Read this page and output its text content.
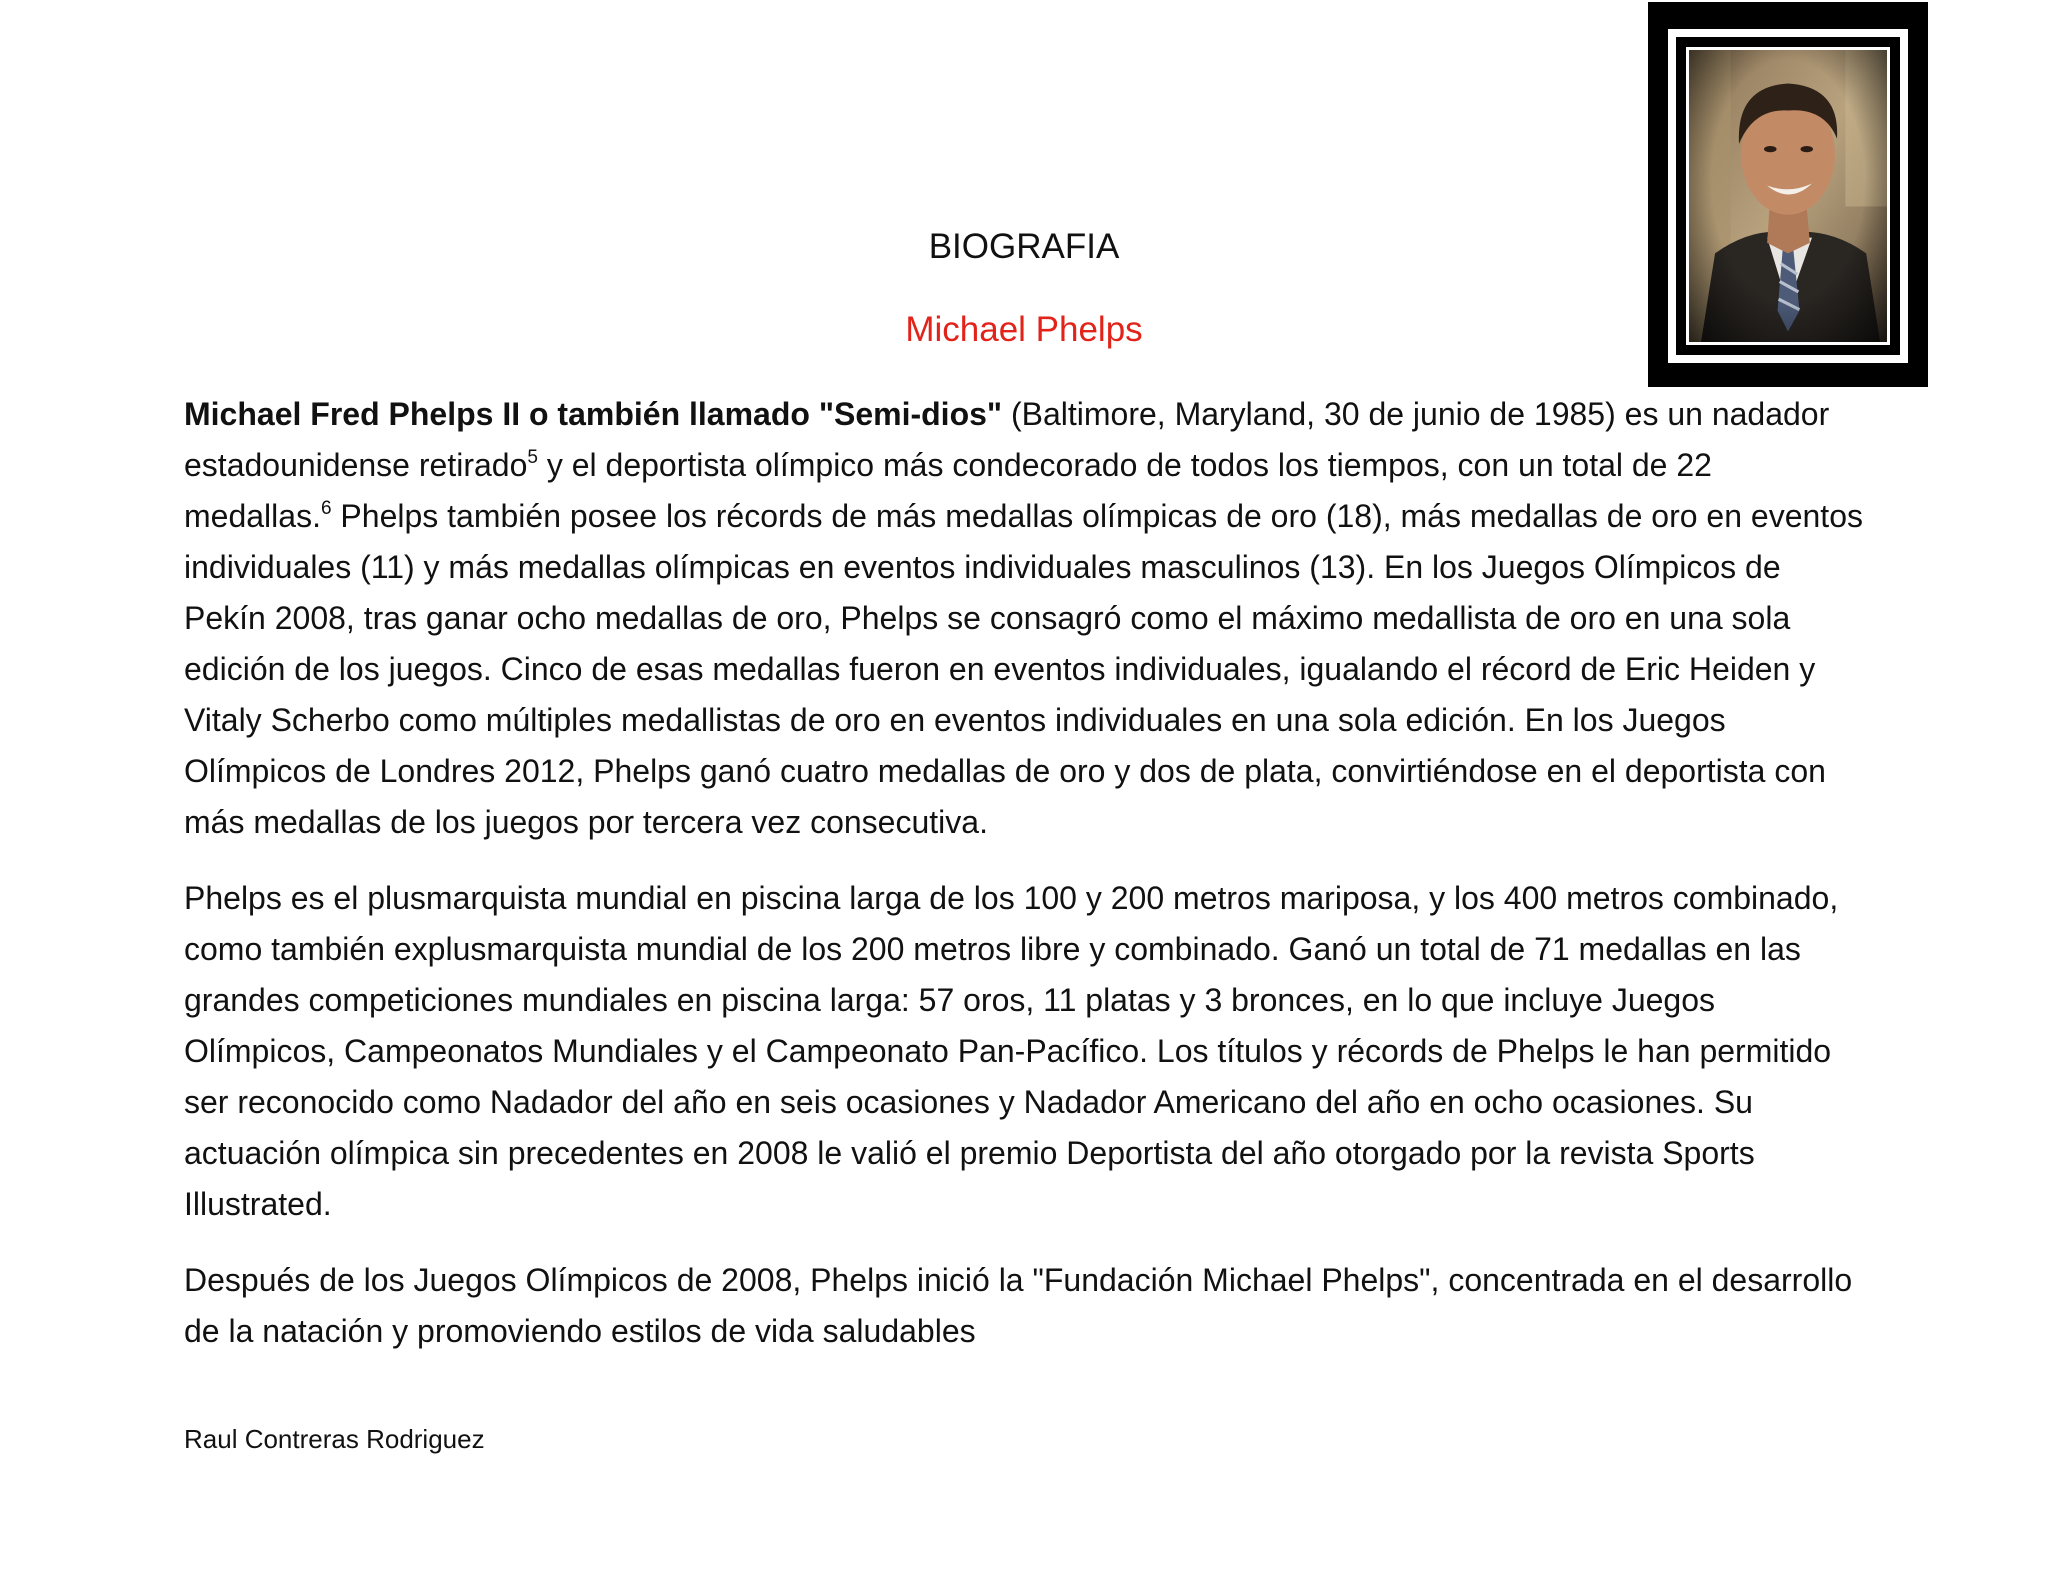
BIOGRAFIA
Michael Phelps

Michael Fred Phelps II o también llamado "Semi-dios" (Baltimore, Maryland, 30 de junio de 1985) es un nadador estadounidense retirado$^5$ y el deportista olímpico más condecorado de todos los tiempos, con un total de 22 medallas.$^6$ Phelps también posee los récords de más medallas olímpicas de oro (18), más medallas de oro en eventos individuales (11) y más medallas olímpicas en eventos individuales masculinos (13). En los Juegos Olímpicos de Pekín 2008, tras ganar ocho medallas de oro, Phelps se consagró como el máximo medallista de oro en una sola edición de los juegos. Cinco de esas medallas fueron en eventos individuales, igualando el récord de Eric Heiden y Vitaly Scherbo como múltiples medallistas de oro en eventos individuales en una sola edición. En los Juegos Olímpicos de Londres 2012, Phelps ganó cuatro medallas de oro y dos de plata, convirtiéndose en el deportista con más medallas de los juegos por tercera vez consecutiva.

Phelps es el plusmarquista mundial en piscina larga de los 100 y 200 metros mariposa, y los 400 metros combinado, como también explusmarquista mundial de los 200 metros libre y combinado. Ganó un total de 71 medallas en las grandes competiciones mundiales en piscina larga: 57 oros, 11 platas y 3 bronces, en lo que incluye Juegos Olímpicos, Campeonatos Mundiales y el Campeonato Pan-Pacífico. Los títulos y récords de Phelps le han permitido ser reconocido como Nadador del año en seis ocasiones y Nadador Americano del año en ocho ocasiones. Su actuación olímpica sin precedentes en 2008 le valió el premio Deportista del año otorgado por la revista Sports Illustrated.

Después de los Juegos Olímpicos de 2008, Phelps inició la "Fundación Michael Phelps", concentrada en el desarrollo de la natación y promoviendo estilos de vida saludables

Raul Contreras Rodriguez
